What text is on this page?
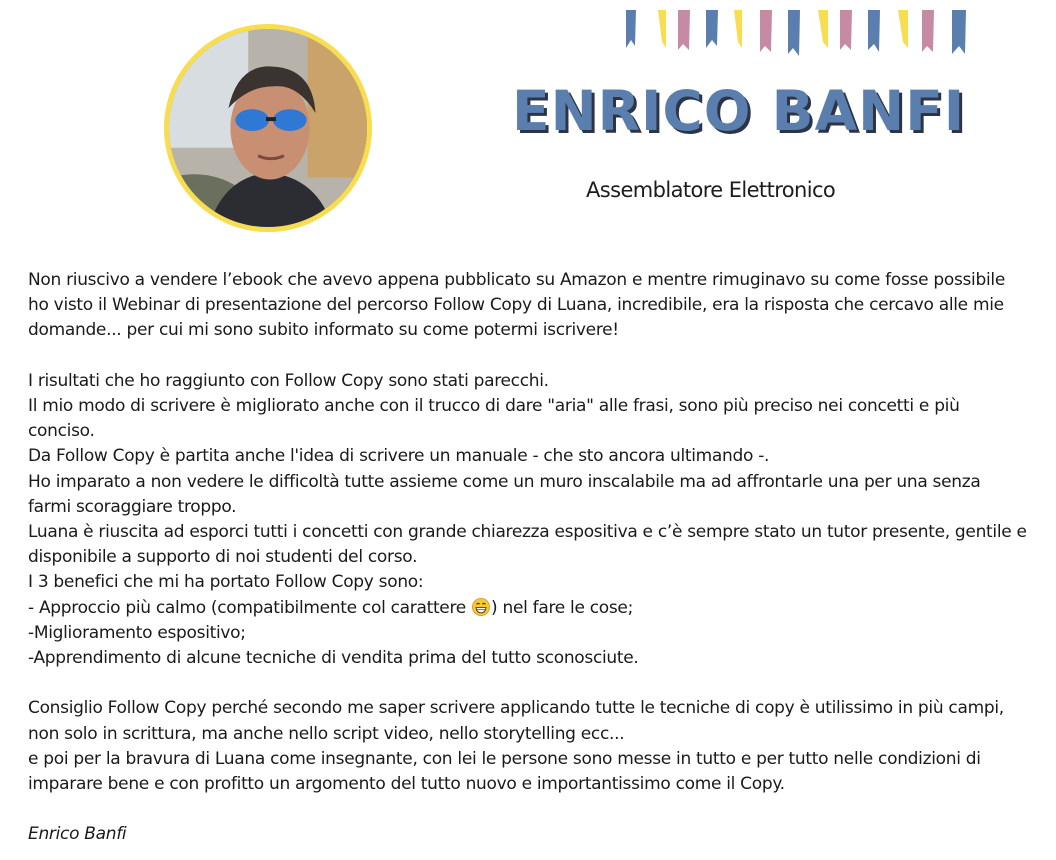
ENRICO BANFI
Assemblatore Elettronico

Non riuscivo a vendere l’ebook che avevo appena pubblicato su Amazon e mentre rimuginavo su come fosse possibile ho visto il Webinar di presentazione del percorso Follow Copy di Luana, incredibile, era la risposta che cercavo alle mie domande... per cui mi sono subito informato su come potermi iscrivere!

I risultati che ho raggiunto con Follow Copy sono stati parecchi.

Il mio modo di scrivere è migliorato anche con il trucco di dare "aria" alle frasi, sono più preciso nei concetti e più conciso.

Da Follow Copy è partita anche l'idea di scrivere un manuale - che sto ancora ultimando -.

Ho imparato a non vedere le difficoltà tutte assieme come un muro inscalabile ma ad affrontarle una per una senza farmi scoraggiare troppo.

Luana è riuscita ad esporci tutti i concetti con grande chiarezza espositiva e c’è sempre stato un tutor presente, gentile e disponibile a supporto di noi studenti del corso.

I 3 benefici che mi ha portato Follow Copy sono:

- Approccio più calmo (compatibilmente col carattere ) nel fare le cose;

-Miglioramento espositivo;

-Apprendimento di alcune tecniche di vendita prima del tutto sconosciute.

Consiglio Follow Copy perché secondo me saper scrivere applicando tutte le tecniche di copy è utilissimo in più campi, non solo in scrittura, ma anche nello script video, nello storytelling ecc...

e poi per la bravura di Luana come insegnante, con lei le persone sono messe in tutto e per tutto nelle condizioni di imparare bene e con profitto un argomento del tutto nuovo e importantissimo come il Copy.

Enrico Banfi
